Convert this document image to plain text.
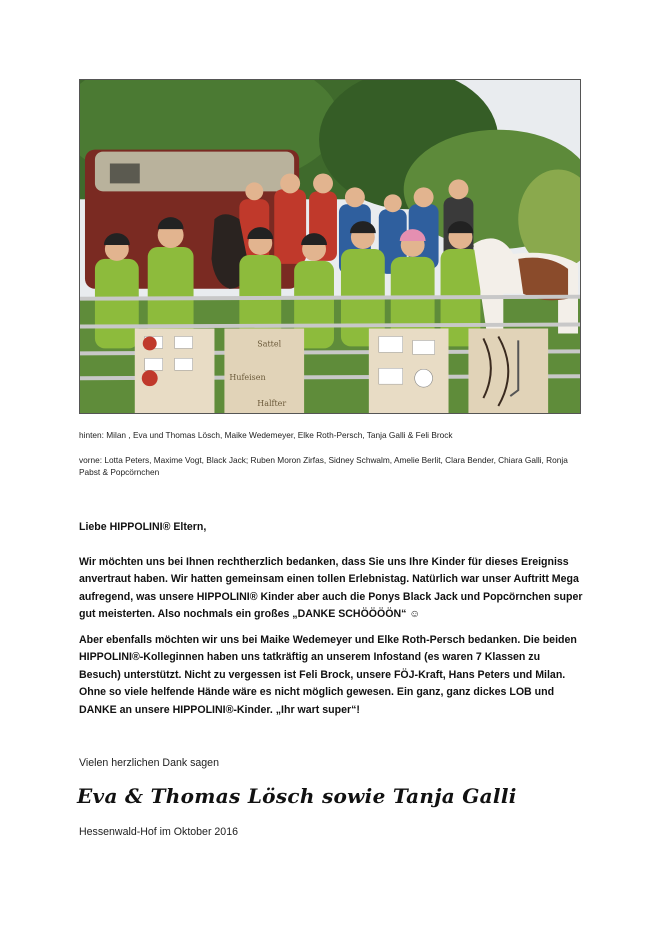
Sattel
Hufeisen
Halfter
hinten: Milan , Eva und Thomas Lösch, Maike Wedemeyer, Elke Roth-Persch, Tanja Galli & Feli Brock
vorne: Lotta Peters, Maxime Vogt, Black Jack; Ruben Moron Zirfas, Sidney Schwalm, Amelie Berlit, Clara Bender, Chiara Galli, Ronja Pabst & Popcörnchen
Liebe HIPPOLINI® Eltern,

Wir möchten uns bei Ihnen rechtherzlich bedanken, dass Sie uns Ihre Kinder für dieses Ereigniss anvertraut haben. Wir hatten gemeinsam einen tollen Erlebnistag. Natürlich war unser Auftritt Mega aufregend, was unsere HIPPOLINI® Kinder aber auch die Ponys Black Jack und Popcörnchen super gut meisterten. Also nochmals ein großes „DANKE SCHÖÖÖÖN“ ☺

Aber ebenfalls möchten wir uns bei Maike Wedemeyer und Elke Roth-Persch bedanken. Die beiden HIPPOLINI®-Kolleginnen haben uns tatkräftig an unserem Infostand (es waren 7 Klassen zu Besuch) unterstützt. Nicht zu vergessen ist Feli Brock, unsere FÖJ-Kraft, Hans Peters und Milan. Ohne so viele helfende Hände wäre es nicht möglich gewesen. Ein ganz, ganz dickes LOB und DANKE an unsere HIPPOLINI®-Kinder. „Ihr wart super“!

Vielen herzlichen Dank sagen
Eva & Thomas Lösch sowie Tanja Galli
Hessenwald-Hof im Oktober 2016
